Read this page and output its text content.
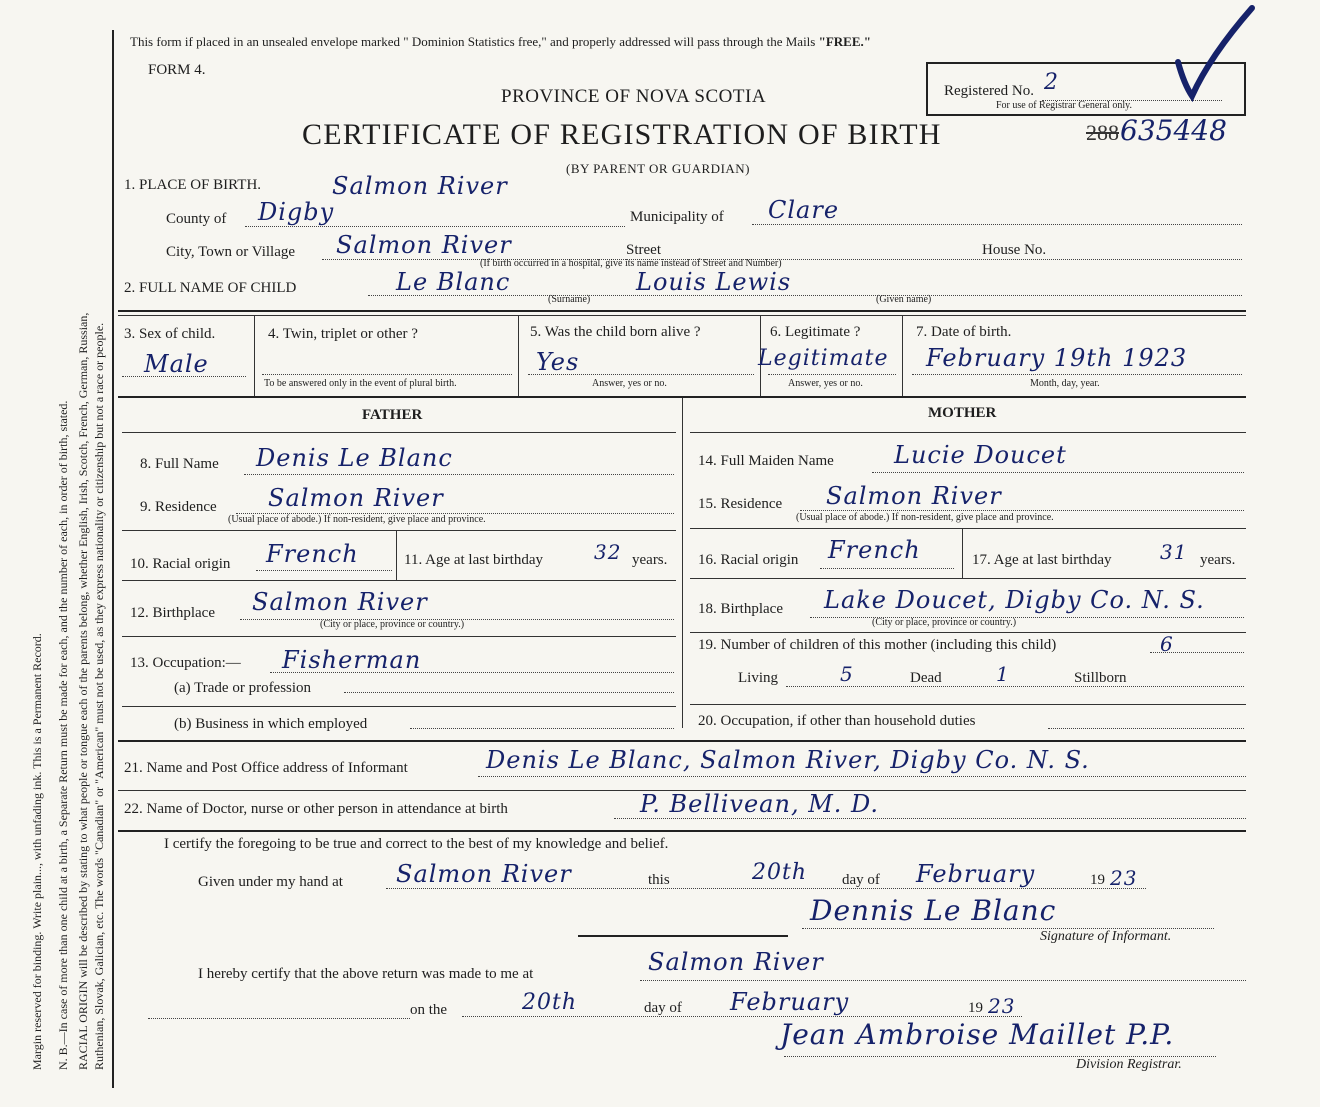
Margin reserved for binding. Write plain..., with unfading ink. This is a Permanent Record. N. B.—In case of more than one child at a birth, a Separate Return must be made for each, and the number of each, in order of birth, stated. RACIAL ORIGIN will be described by stating to what people or tongue each of the parents belong, whether English, Irish, Scotch, French, German, Russian, Ruthenian, Slovak, Galician, etc. The words "Canadian" or "American" must not be used, as they express nationality or citizenship but not a race or people.
This form if placed in an unsealed envelope marked " Dominion Statistics free," and properly addressed will pass through the Mails "FREE."
FORM 4.
Registered No. 2
For use of Registrar General only.
PROVINCE OF NOVA SCOTIA
CERTIFICATE OF REGISTRATION OF BIRTH	288 635448
(BY PARENT OR GUARDIAN)
1. PLACE OF BIRTH.	Salmon River
County of Digby	Municipality of Clare
City, Town or Village Salmon River	Street	House No.
(If birth occurred in a hospital, give its name instead of Street and Number)
2. FULL NAME OF CHILD	Le Blanc	Louis Lewis
(Surname)	(Given name)
3. Sex of child.
Male
4. Twin, triplet or other ?
To be answered only in the event of plural birth.
5. Was the child born alive ?
Yes
Answer, yes or no.
6. Legitimate ?
Legitimate
Answer, yes or no.
7. Date of birth.
February 19th 1923
Month, day, year.
FATHER	MOTHER
8. Full Name Denis Le Blanc	14. Full Maiden Name	Lucie Doucet
9. Residence Salmon River
(Usual place of abode.) If non-resident, give place and province.
15. Residence Salmon River
(Usual place of abode.) If non-resident, give place and province.
10. Racial origin French	11. Age at last birthday	32 years. 16. Racial origin French	17. Age at last birthday 31 years.
12. Birthplace Salmon River
(City or place, province or country.)
18. Birthplace Lake Doucet, Digby Co. N. S.
(City or place, province or country.)
13. Occupation:— Fisherman
(a) Trade or profession
(b) Business in which employed
19. Number of children of this mother (including this child)	6
Living	5	Dead	1	Stillborn
20. Occupation, if other than household duties
21. Name and Post Office address of Informant	Denis Le Blanc, Salmon River, Digby Co. N. S.
22. Name of Doctor, nurse or other person in attendance at birth	P. Bellivean, M. D.
I certify the foregoing to be true and correct to the best of my knowledge and belief.
Given under my hand at Salmon River	this	20th day of February	19 23
Dennis Le Blanc
Signature of Informant.
I hereby certify that the above return was made to me at	Salmon River
on the	20th	day of February	19 23
Jean Ambroise Maillet P.P.
Division Registrar.
